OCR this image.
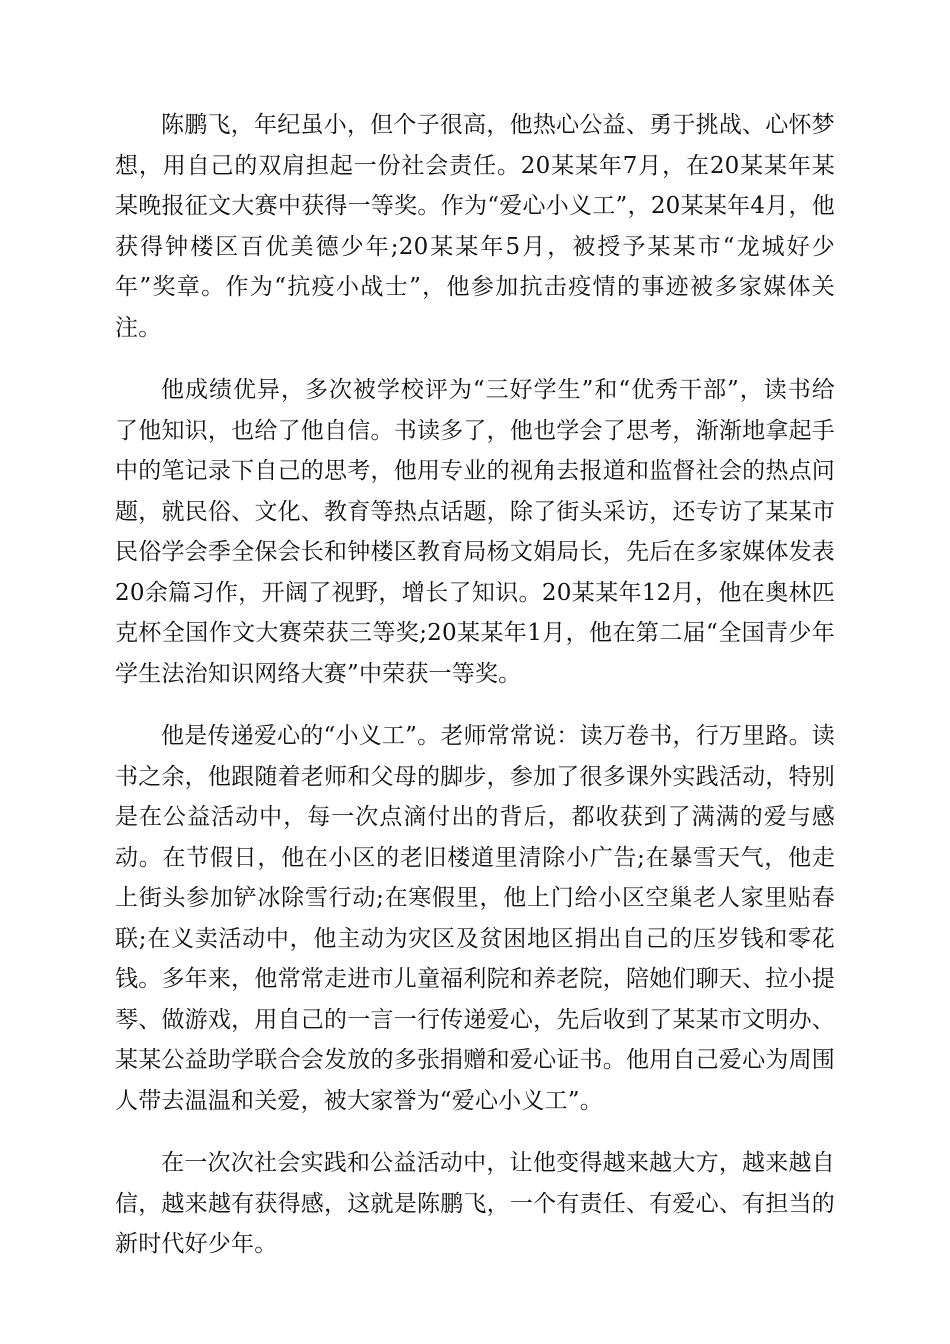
陈鹏飞，年纪虽小，但个子很高，他热心公益、勇于挑战、心怀梦想，用自己的双肩担起一份社会责任。20某某年7月，在20某某年某某晚报征文大赛中获得一等奖。作为“爱心小义工”，20某某年4月，他获得钟楼区百优美德少年;20某某年5月，被授予某某市“龙城好少年”奖章。作为“抗疫小战士”，他参加抗击疫情的事迹被多家媒体关注。

他成绩优异，多次被学校评为“三好学生”和“优秀干部”，读书给了他知识，也给了他自信。书读多了，他也学会了思考，渐渐地拿起手中的笔记录下自己的思考，他用专业的视角去报道和监督社会的热点问题，就民俗、文化、教育等热点话题，除了街头采访，还专访了某某市民俗学会季全保会长和钟楼区教育局杨文娟局长，先后在多家媒体发表20余篇习作，开阔了视野，增长了知识。20某某年12月，他在奥林匹克杯全国作文大赛荣获三等奖;20某某年1月，他在第二届“全国青少年学生法治知识网络大赛”中荣获一等奖。

他是传递爱心的“小义工”。老师常常说：读万卷书，行万里路。读书之余，他跟随着老师和父母的脚步，参加了很多课外实践活动，特别是在公益活动中，每一次点滴付出的背后，都收获到了满满的爱与感动。在节假日，他在小区的老旧楼道里清除小广告;在暴雪天气，他走上街头参加铲冰除雪行动;在寒假里，他上门给小区空巢老人家里贴春联;在义卖活动中，他主动为灾区及贫困地区捐出自己的压岁钱和零花钱。多年来，他常常走进市儿童福利院和养老院，陪她们聊天、拉小提琴、做游戏，用自己的一言一行传递爱心，先后收到了某某市文明办、某某公益助学联合会发放的多张捐赠和爱心证书。他用自己爱心为周围人带去温温和关爱，被大家誉为“爱心小义工”。

在一次次社会实践和公益活动中，让他变得越来越大方，越来越自信，越来越有获得感，这就是陈鹏飞，一个有责任、有爱心、有担当的新时代好少年。
